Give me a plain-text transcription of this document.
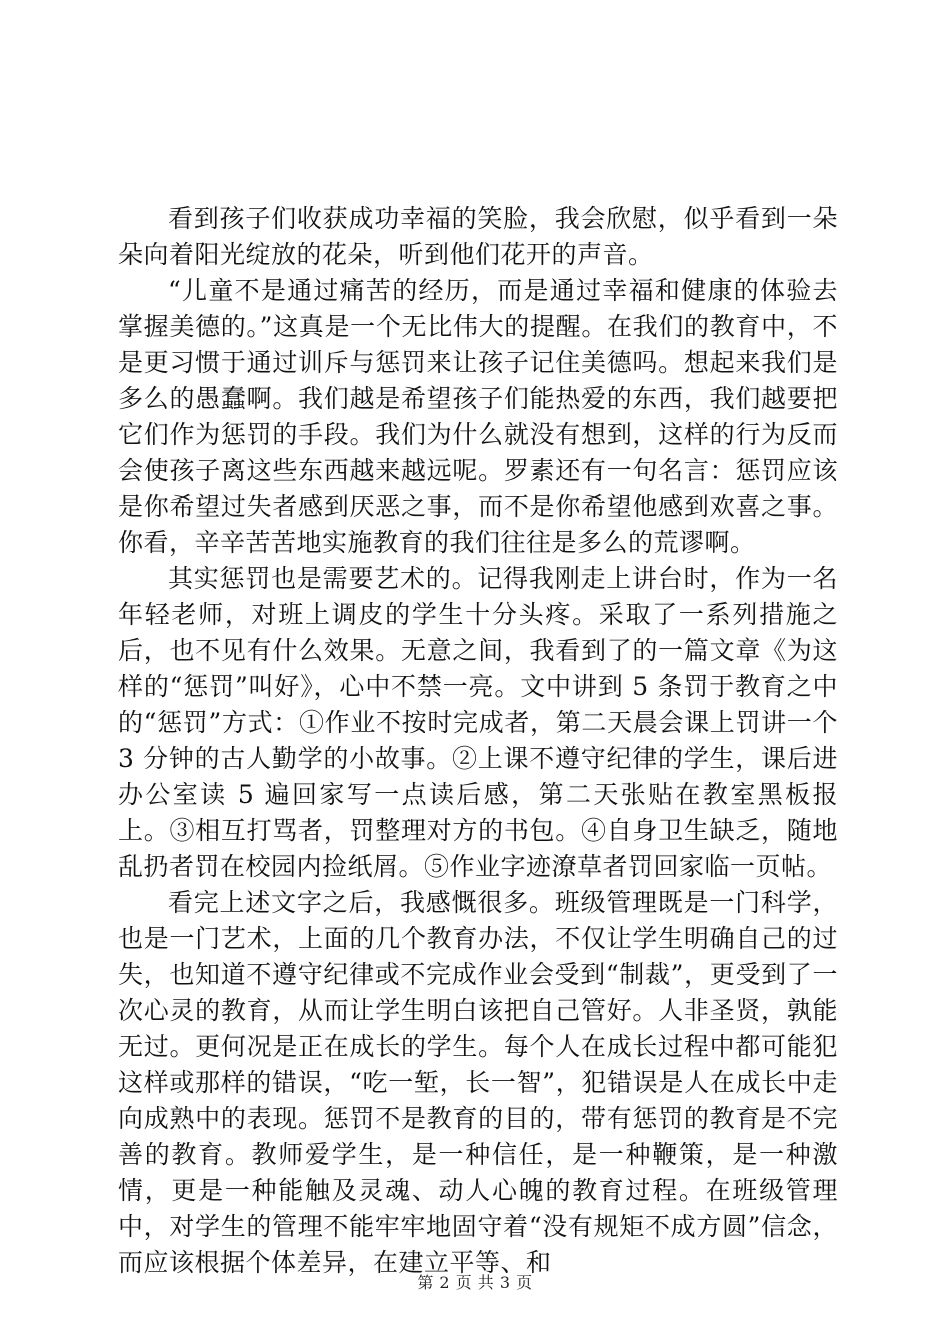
看到孩子们收获成功幸福的笑脸，我会欣慰，似乎看到一朵朵向着阳光绽放的花朵，听到他们花开的声音。

“儿童不是通过痛苦的经历，而是通过幸福和健康的体验去掌握美德的。”这真是一个无比伟大的提醒。在我们的教育中，不是更习惯于通过训斥与惩罚来让孩子记住美德吗。想起来我们是多么的愚蠢啊。我们越是希望孩子们能热爱的东西，我们越要把它们作为惩罚的手段。我们为什么就没有想到，这样的行为反而会使孩子离这些东西越来越远呢。罗素还有一句名言：惩罚应该是你希望过失者感到厌恶之事，而不是你希望他感到欢喜之事。你看，辛辛苦苦地实施教育的我们往往是多么的荒谬啊。

其实惩罚也是需要艺术的。记得我刚走上讲台时，作为一名年轻老师，对班上调皮的学生十分头疼。采取了一系列措施之后，也不见有什么效果。无意之间，我看到了的一篇文章《为这样的“惩罚”叫好》，心中不禁一亮。文中讲到 5 条罚于教育之中的“惩罚”方式：①作业不按时完成者，第二天晨会课上罚讲一个 3 分钟的古人勤学的小故事。②上课不遵守纪律的学生，课后进办公室读 5 遍回家写一点读后感，第二天张贴在教室黑板报上。③相互打骂者，罚整理对方的书包。④自身卫生缺乏，随地乱扔者罚在校园内捡纸屑。⑤作业字迹潦草者罚回家临一页帖。

看完上述文字之后，我感慨很多。班级管理既是一门科学，也是一门艺术，上面的几个教育办法，不仅让学生明确自己的过失，也知道不遵守纪律或不完成作业会受到“制裁”，更受到了一次心灵的教育，从而让学生明白该把自己管好。人非圣贤，孰能无过。更何况是正在成长的学生。每个人在成长过程中都可能犯这样或那样的错误，“吃一堑，长一智”，犯错误是人在成长中走向成熟中的表现。惩罚不是教育的目的，带有惩罚的教育是不完善的教育。教师爱学生，是一种信任，是一种鞭策，是一种激情，更是一种能触及灵魂、动人心魄的教育过程。在班级管理中，对学生的管理不能牢牢地固守着“没有规矩不成方圆”信念，而应该根据个体差异，在建立平等、和

第 2 页 共 3 页
